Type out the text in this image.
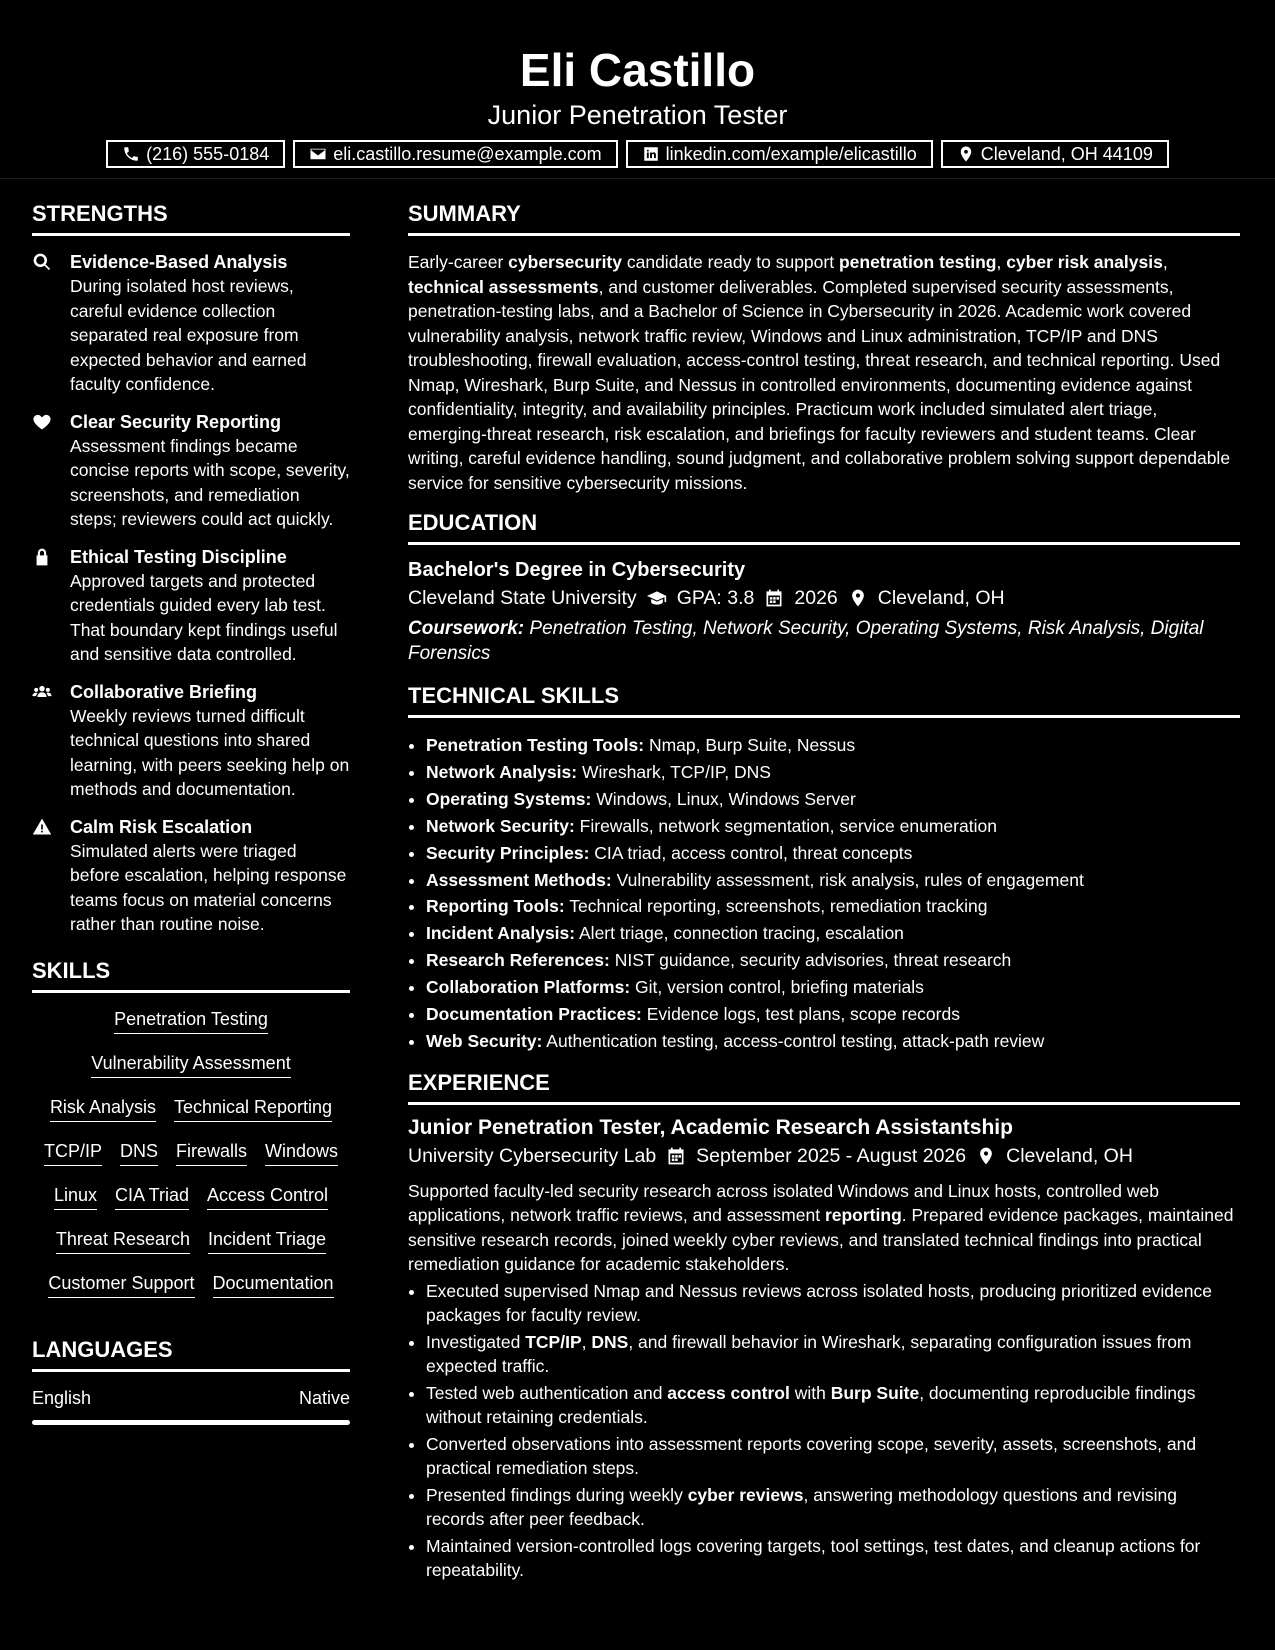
Eli Castillo
Junior Penetration Tester
(216) 555-0184	eli.castillo.resume@example.com	linkedin.com/example/elicastillo	Cleveland, OH 44109
STRENGTHS
Evidence-Based Analysis
During isolated host reviews, careful evidence collection separated real exposure from expected behavior and earned faculty confidence.
Clear Security Reporting
Assessment findings became concise reports with scope, severity, screenshots, and remediation steps; reviewers could act quickly.
Ethical Testing Discipline
Approved targets and protected credentials guided every lab test. That boundary kept findings useful and sensitive data controlled.
Collaborative Briefing
Weekly reviews turned difficult technical questions into shared learning, with peers seeking help on methods and documentation.
Calm Risk Escalation
Simulated alerts were triaged before escalation, helping response teams focus on material concerns rather than routine noise.
SKILLS
Penetration Testing
Vulnerability Assessment
Risk Analysis Technical Reporting
TCP/IP DNS Firewalls Windows
Linux CIA Triad Access Control
Threat Research Incident Triage
Customer Support Documentation
LANGUAGES
English	Native
SUMMARY

Early-career cybersecurity candidate ready to support penetration testing, cyber risk analysis, technical assessments, and customer deliverables. Completed supervised security assessments, penetration-testing labs, and a Bachelor of Science in Cybersecurity in 2026. Academic work covered vulnerability analysis, network traffic review, Windows and Linux administration, TCP/IP and DNS troubleshooting, firewall evaluation, access-control testing, threat research, and technical reporting. Used Nmap, Wireshark, Burp Suite, and Nessus in controlled environments, documenting evidence against confidentiality, integrity, and availability principles. Practicum work included simulated alert triage, emerging-threat research, risk escalation, and briefings for faculty reviewers and student teams. Clear writing, careful evidence handling, sound judgment, and collaborative problem solving support dependable service for sensitive cybersecurity missions.

EDUCATION
Bachelor's Degree in Cybersecurity
Cleveland State University GPA: 3.8 2026 Cleveland, OH
Coursework: Penetration Testing, Network Security, Operating Systems, Risk Analysis, Digital Forensics
TECHNICAL SKILLS
• Penetration Testing Tools: Nmap, Burp Suite, Nessus
• Network Analysis: Wireshark, TCP/IP, DNS
• Operating Systems: Windows, Linux, Windows Server
• Network Security: Firewalls, network segmentation, service enumeration
• Security Principles: CIA triad, access control, threat concepts
• Assessment Methods: Vulnerability assessment, risk analysis, rules of engagement
• Reporting Tools: Technical reporting, screenshots, remediation tracking
• Incident Analysis: Alert triage, connection tracing, escalation
• Research References: NIST guidance, security advisories, threat research
• Collaboration Platforms: Git, version control, briefing materials
• Documentation Practices: Evidence logs, test plans, scope records
• Web Security: Authentication testing, access-control testing, attack-path review
EXPERIENCE
Junior Penetration Tester, Academic Research Assistantship
University Cybersecurity Lab September 2025 - August 2026 Cleveland, OH

Supported faculty-led security research across isolated Windows and Linux hosts, controlled web applications, network traffic reviews, and assessment reporting. Prepared evidence packages, maintained sensitive research records, joined weekly cyber reviews, and translated technical findings into practical remediation guidance for academic stakeholders.

• Executed supervised Nmap and Nessus reviews across isolated hosts, producing prioritized evidence packages for faculty review.
• Investigated TCP/IP, DNS, and firewall behavior in Wireshark, separating configuration issues from expected traffic.
• Tested web authentication and access control with Burp Suite, documenting reproducible findings without retaining credentials.
• Converted observations into assessment reports covering scope, severity, assets, screenshots, and practical remediation steps.
• Presented findings during weekly cyber reviews, answering methodology questions and revising records after peer feedback.
• Maintained version-controlled logs covering targets, tool settings, test dates, and cleanup actions for repeatability.
